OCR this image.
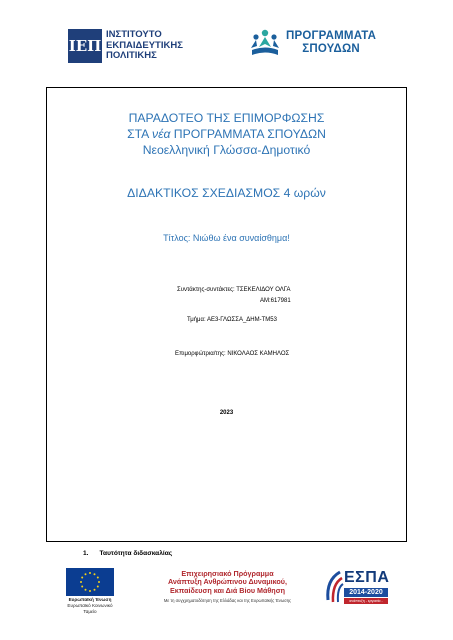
ΙΕΠ
ΙΝΣΤΙΤΟΥΤΟ
ΕΚΠΑΙΔΕΥΤΙΚΗΣ
ΠΟΛΙΤΙΚΗΣ
ΠΡΟΓΡΑΜΜΑΤΑ
ΣΠΟΥΔΩΝ
ΠΑΡΑΔΟΤΕΟ ΤΗΣ ΕΠΙΜΟΡΦΩΣΗΣ
ΣΤΑ νέα ΠΡΟΓΡΑΜΜΑΤΑ ΣΠΟΥΔΩΝ
Νεοελληνική Γλώσσα-Δημοτικό
ΔΙΔΑΚΤΙΚΟΣ ΣΧΕΔΙΑΣΜΟΣ 4 ωρών
Τίτλος: Νιώθω ένα συναίσθημα!
Συντάκτης-συντάκτες: ΤΣΕΚΕΛΙΔΟΥ ΟΛΓΑ
ΑΜ:617981
Τμήμα: ΑΕ3-ΓΛΩΣΣΑ_ΔΗΜ-ΤΜ53
Επιμορφώτρια/της: ΝΙΚΟΛΑΟΣ ΚΑΜΗΛΟΣ
2023
1. Ταυτότητα διδασκαλίας
Ευρωπαϊκή Ένωση
Ευρωπαϊκό Κοινωνικό Ταμείο
Επιχειρησιακό Πρόγραμμα
Ανάπτυξη Ανθρώπινου Δυναμικού,
Εκπαίδευση και Διά Βίου Μάθηση
Με τη συγχρηματοδότηση της Ελλάδας και της Ευρωπαϊκής Ένωσης
ΕΣΠΑ
2014-2020
ανάπτυξη - εργασία - αλληλεγγύη
